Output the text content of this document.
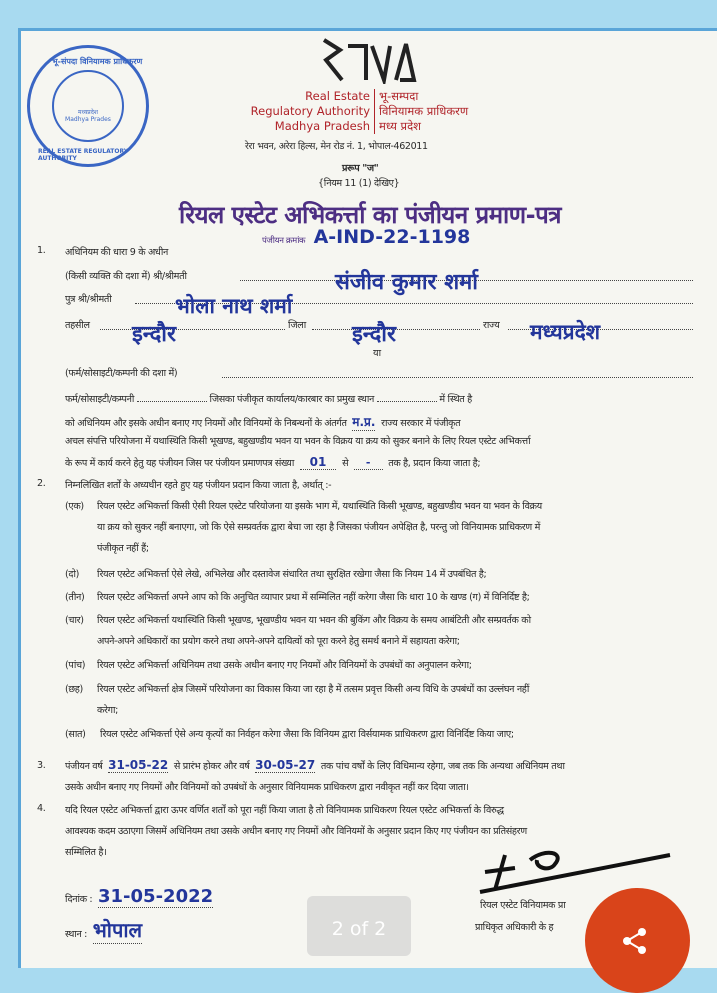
भू-संपदा विनियामक प्राधिकरण
मध्यप्रदेश
Madhya Prades
REAL ESTATE REGULATORY AUTHORITY
Real Estate
Regulatory Authority
Madhya Pradesh
भू-सम्पदा
विनियामक प्राधिकरण
मध्य प्रदेश
रेरा भवन, अरेरा हिल्स, मेन रोड नं. 1, भोपाल-462011
प्ररूप "ज"
{नियम 11 (1) देखिए}
रियल एस्टेट अभिकर्त्ता का पंजीयन प्रमाण-पत्र
पंजीयन क्रमांक A-IND-22-1198
1. अधिनियम की धारा 9 के अधीन
(किसी व्यक्ति की दशा में) श्री/श्रीमती	संजीव कुमार शर्मा
पुत्र श्री/श्रीमती	भोला नाथ शर्मा
तहसील इन्दौर	जिला इन्दौर	राज्य मध्यप्रदेश
या
(फर्म/सोसाइटी/कम्पनी की दशा में)
फर्म/सोसाइटी/कम्पनी	जिसका पंजीकृत कार्यालय/कारबार का प्रमुख स्थान	में स्थित है
को अधिनियम और इसके अधीन बनाए गए नियमों और विनियमों के निबन्धनों के अंतर्गत म.प्र. राज्य सरकार में पंजीकृत
अचल संपत्ति परियोजना में यथास्थिति किसी भूखण्ड, बहुखण्डीय भवन या भवन के विक्रय या क्रय को सुकर बनाने के लिए रियल एस्टेट अभिकर्त्ता
के रूप में कार्य करने हेतु यह पंजीयन जिस पर पंजीयन प्रमाणपत्र संख्या 01 से - तक है, प्रदान किया जाता है;
2. निम्नलिखित शर्तों के अध्यधीन रहते हुए यह पंजीयन प्रदान किया जाता है, अर्थात् :-
(एक) रियल एस्टेट अभिकर्त्ता किसी ऐसी रियल एस्टेट परियोजना या इसके भाग में, यथास्थिति किसी भूखण्ड, बहुखण्डीय भवन या भवन के विक्रय
या क्रय को सुकर नहीं बनाएगा, जो कि ऐसे सम्प्रवर्तक द्वारा बेचा जा रहा है जिसका पंजीयन अपेक्षित है, परन्तु जो विनियामक प्राधिकरण में
पंजीकृत नहीं हैं;
(दो) रियल एस्टेट अभिकर्त्ता ऐसे लेखे, अभिलेख और दस्तावेज संधारित तथा सुरक्षित रखेगा जैसा कि नियम 14 में उपबंधित है;
(तीन) रियल एस्टेट अभिकर्त्ता अपने आप को कि अनुचित व्यापार प्रथा में सम्मिलित नहीं करेगा जैसा कि धारा 10 के खण्ड (ग) में विनिर्दिष्ट है;
(चार) रियल एस्टेट अभिकर्त्ता यथास्थिति किसी भूखण्ड, भूखण्डीय भवन या भवन की बुकिंग और विक्रय के समय आबंटिती और सम्प्रवर्तक को
अपने-अपने अधिकारों का प्रयोग करने तथा अपने-अपने दायित्वों को पूरा करने हेतु समर्थ बनाने में सहायता करेगा;
(पांच) रियल एस्टेट अभिकर्त्ता अधिनियम तथा उसके अधीन बनाए गए नियमों और विनियमों के उपबंधों का अनुपालन करेगा;
(छह) रियल एस्टेट अभिकर्त्ता क्षेत्र जिसमें परियोजना का विकास किया जा रहा है में तत्सम प्रवृत्त किसी अन्य विधि के उपबंधों का उल्लंघन नहीं
करेगा;
(सात) रियल एस्टेट अभिकर्त्ता ऐसे अन्य कृत्यों का निर्वहन करेगा जैसा कि विनियम द्वारा विर्सयामक प्राधिकरण द्वारा विनिर्दिष्ट किया जाए;
3. पंजीयन वर्ष 31-05-22 से प्रारंभ होकर और वर्ष 30-05-27 तक पांच वर्षों के लिए विधिमान्य रहेगा, जब तक कि अन्यथा अधिनियम तथा
उसके अधीन बनाए गए नियमों और विनियमों को उपबंधों के अनुसार विनियामक प्राधिकरण द्वारा नवीकृत नहीं कर दिया जाता।
4. यदि रियल एस्टेट अभिकर्त्ता द्वारा ऊपर वर्णित शर्तों को पूरा नहीं किया जाता है तो विनियामक प्राधिकरण रियल एस्टेट अभिकर्त्ता के विरुद्ध
आवश्यक कदम उठाएगा जिसमें अधिनियम तथा उसके अधीन बनाए गए नियमों और विनियमों के अनुसार प्रदान किए गए पंजीयन का प्रतिसंहरण
सम्मिलित है।
दिनांक : 31-05-2022
स्थान : भोपाल
रियल एस्टेट विनियामक प्रा
प्राधिकृत अधिकारी के ह
2 of 2
